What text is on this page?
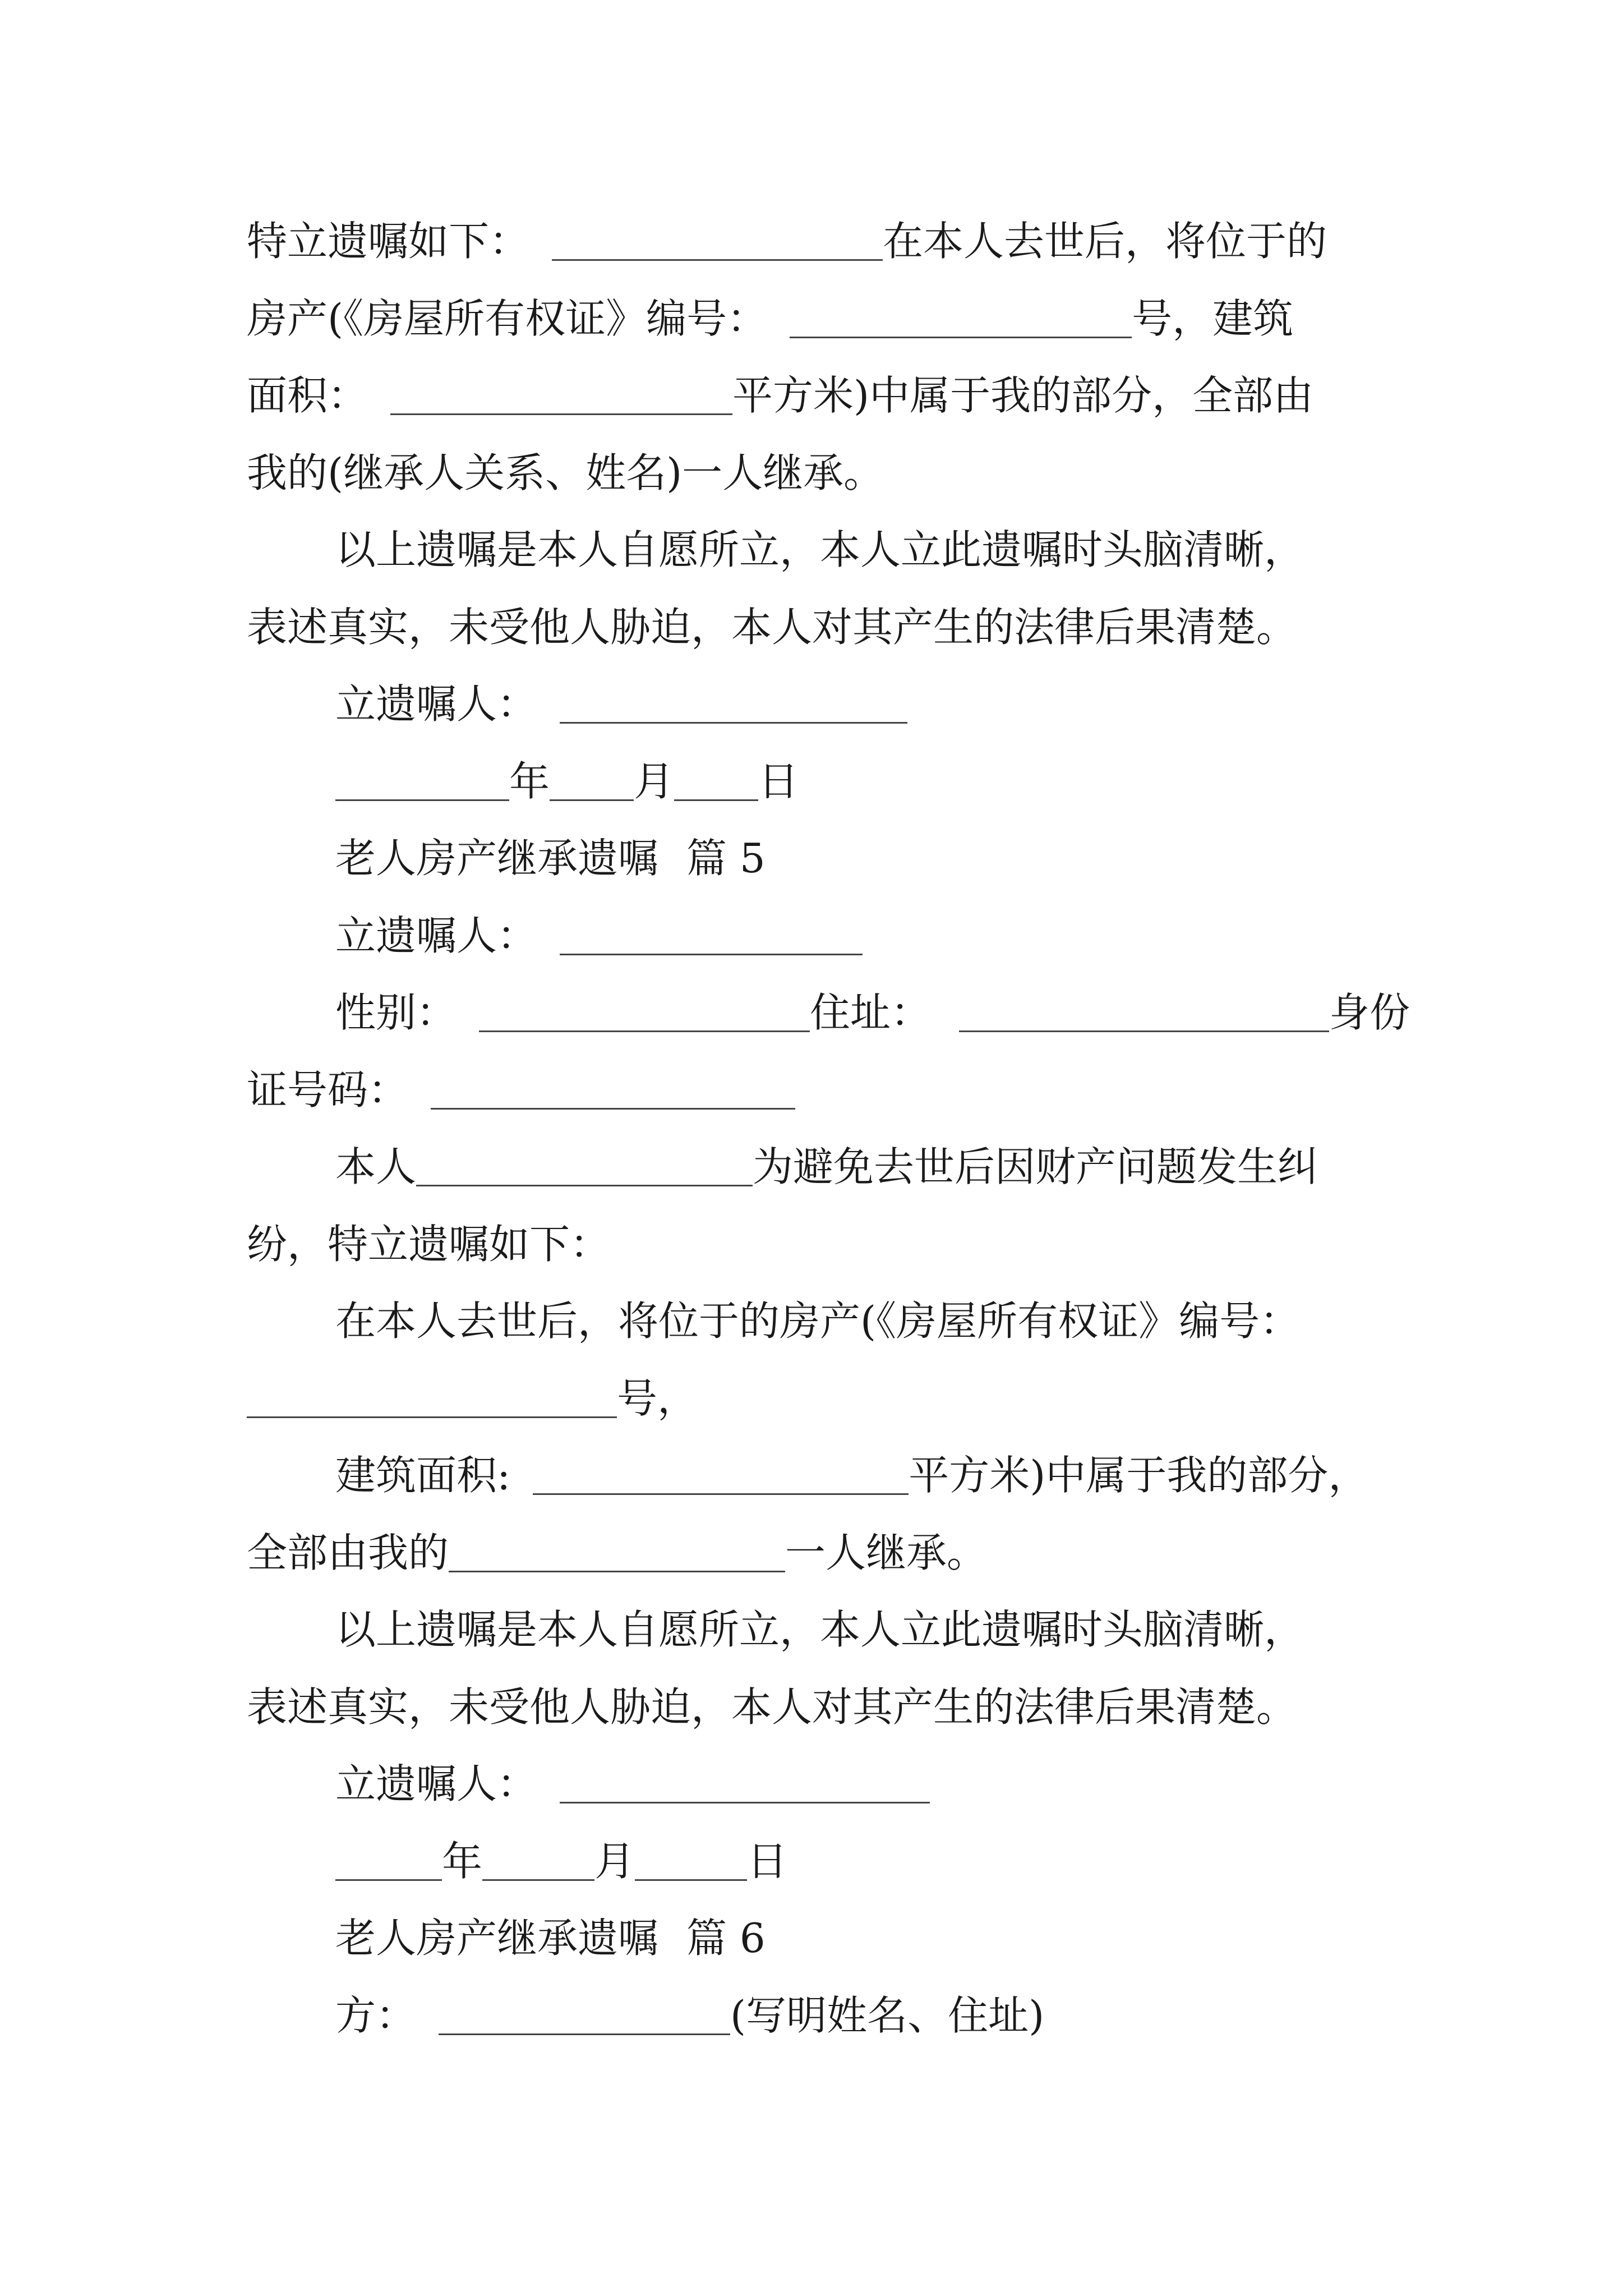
特立遗嘱如下：	在本人去世后，将位于的
房产(《房屋所有权证》编号：	号，建筑
面积：	平方米)中属于我的部分，全部由
我的(继承人关系、姓名)一人继承。
以上遗嘱是本人自愿所立，本人立此遗嘱时头脑清晰，
表述真实，未受他人胁迫，本人对其产生的法律后果清楚。
立遗嘱人：
年 月 日
老人房产继承遗嘱 篇 5
立遗嘱人：
性别：	住址：	身份
证号码：
本人	为避免去世后因财产问题发生纠
纷，特立遗嘱如下：
在本人去世后，将位于的房产(《房屋所有权证》编号：
号，
建筑面积:	平方米)中属于我的部分，
全部由我的	一人继承。
以上遗嘱是本人自愿所立，本人立此遗嘱时头脑清晰，
表述真实，未受他人胁迫，本人对其产生的法律后果清楚。
立遗嘱人：
年	月	日
老人房产继承遗嘱 篇 6
方：	(写明姓名、住址)
